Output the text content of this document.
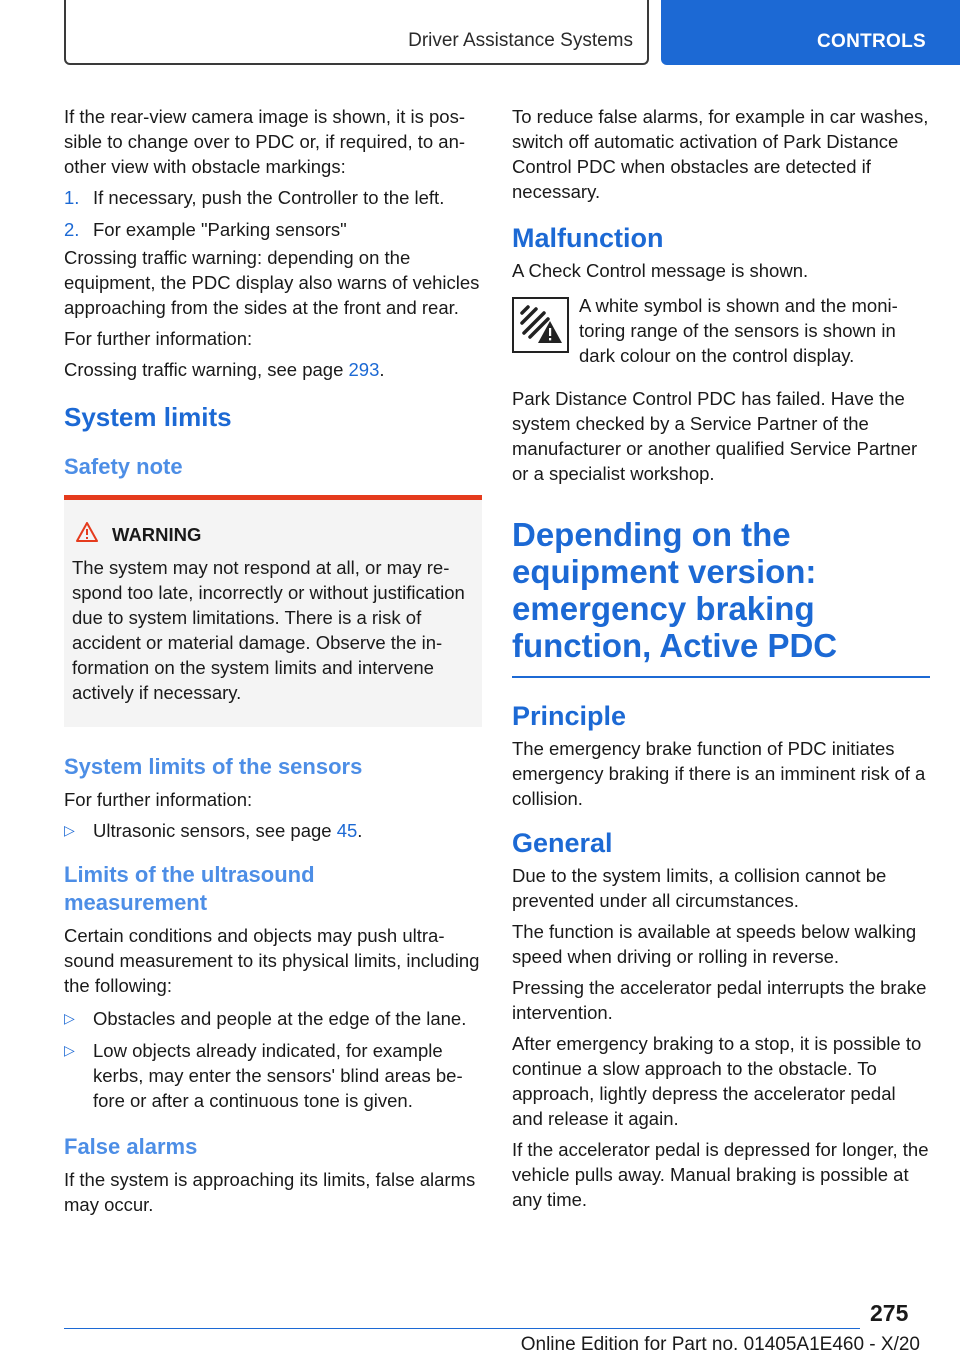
Driver Assistance Systems	CONTROLS

If the rear-view camera image is shown, it is possible to change over to PDC or, if required, to another view with obstacle markings:

1. If necessary, push the Controller to the left.
2. For example "Parking sensors"

Crossing traffic warning: depending on the equipment, the PDC display also warns of vehicles approaching from the sides at the front and rear.

For further information:

Crossing traffic warning, see page 293.

System limits
Safety note
WARNING

The system may not respond at all, or may respond too late, incorrectly or without justification due to system limitations. There is a risk of accident or material damage. Observe the information on the system limits and intervene actively if necessary.

System limits of the sensors

For further information:

▷ Ultrasonic sensors, see page 45.
Limits of the ultrasound measurement

Certain conditions and objects may push ultrasound measurement to its physical limits, including the following:

▷ Obstacles and people at the edge of the lane.
▷ Low objects already indicated, for example kerbs, may enter the sensors' blind areas before or after a continuous tone is given.
False alarms

If the system is approaching its limits, false alarms may occur.

To reduce false alarms, for example in car washes, switch off automatic activation of Park Distance Control PDC when obstacles are detected if necessary.

Malfunction

A Check Control message is shown.

A white symbol is shown and the monitoring range of the sensors is shown in dark colour on the control display.

Park Distance Control PDC has failed. Have the system checked by a Service Partner of the manufacturer or another qualified Service Partner or a specialist workshop.

Depending on the equipment version: emergency braking function, Active PDC
Principle

The emergency brake function of PDC initiates emergency braking if there is an imminent risk of a collision.

General

Due to the system limits, a collision cannot be prevented under all circumstances.

The function is available at speeds below walking speed when driving or rolling in reverse.

Pressing the accelerator pedal interrupts the brake intervention.

After emergency braking to a stop, it is possible to continue a slow approach to the obstacle. To approach, lightly depress the accelerator pedal and release it again.

If the accelerator pedal is depressed for longer, the vehicle pulls away. Manual braking is possible at any time.

275
Online Edition for Part no. 01405A1E460 - X/20
